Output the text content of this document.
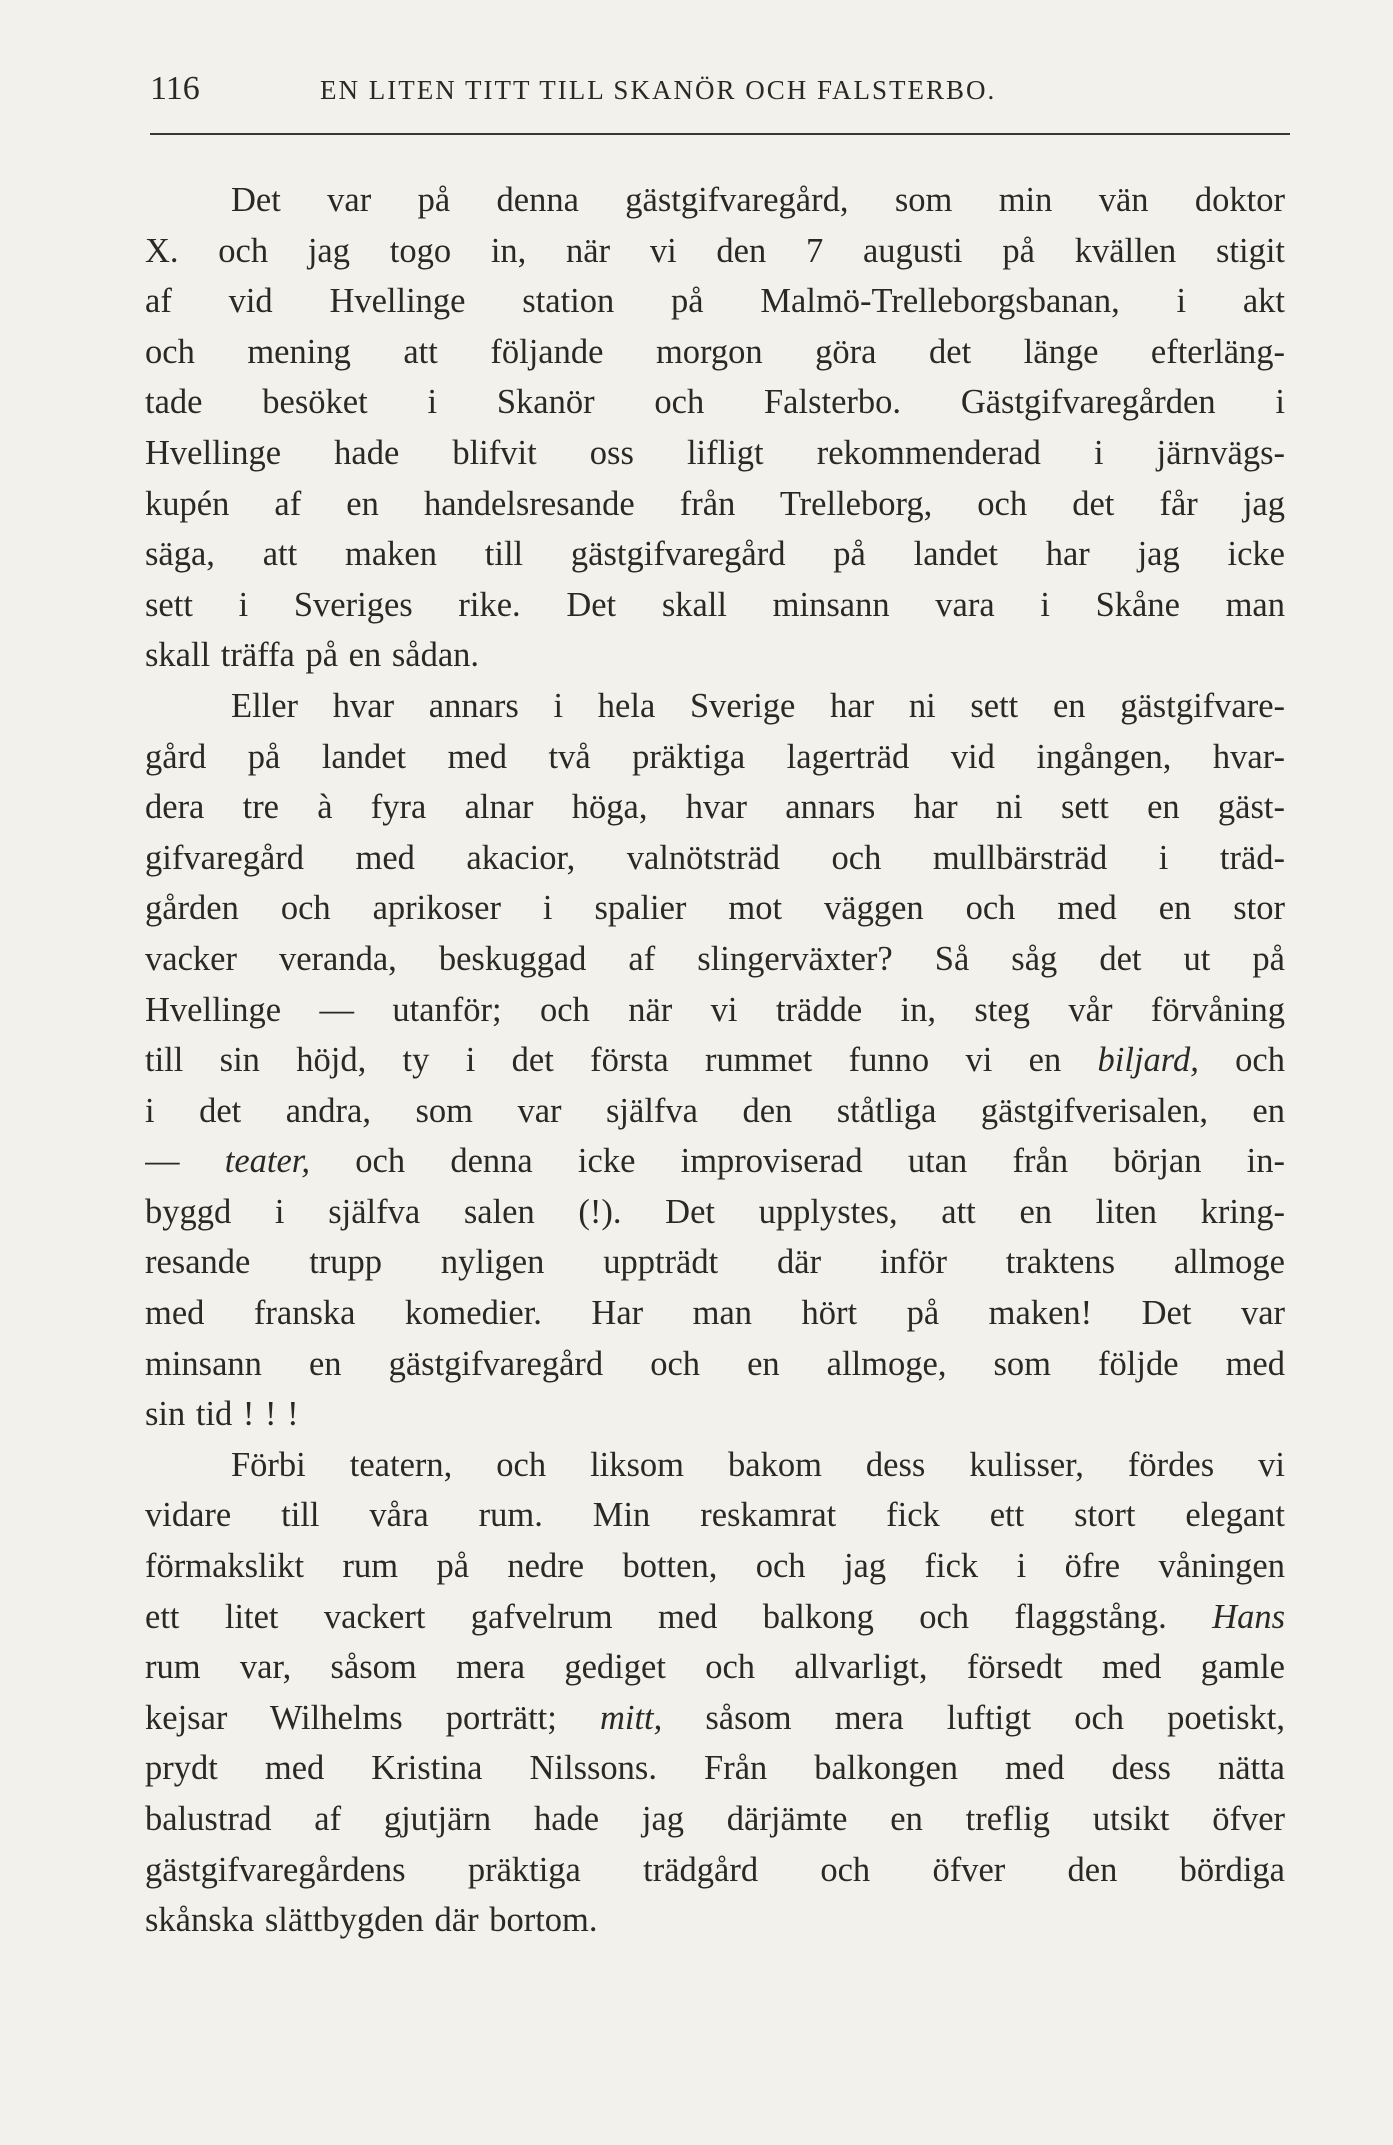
116	EN LITEN TITT TILL SKANÖR OCH FALSTERBO.
Det var på denna gästgifvaregård, som min vän doktor
X. och jag togo in, när vi den 7 augusti på kvällen stigit
af vid Hvellinge station på Malmö-Trelleborgsbanan, i akt
och mening att följande morgon göra det länge efterläng-
tade besöket i Skanör och Falsterbo. Gästgifvaregården i
Hvellinge hade blifvit oss lifligt rekommenderad i järnvägs-
kupén af en handelsresande från Trelleborg, och det får jag
säga, att maken till gästgifvaregård på landet har jag icke
sett i Sveriges rike. Det skall minsann vara i Skåne man
skall träffa på en sådan.
Eller hvar annars i hela Sverige har ni sett en gästgifvare-
gård på landet med två präktiga lagerträd vid ingången, hvar-
dera tre à fyra alnar höga, hvar annars har ni sett en gäst-
gifvaregård med akacior, valnötsträd och mullbärsträd i träd-
gården och aprikoser i spalier mot väggen och med en stor
vacker veranda, beskuggad af slingerväxter? Så såg det ut på
Hvellinge — utanför; och när vi trädde in, steg vår förvåning
till sin höjd, ty i det första rummet funno vi en biljard, och
i det andra, som var själfva den ståtliga gästgifverisalen, en
— teater, och denna icke improviserad utan från början in-
byggd i själfva salen (!). Det upplystes, att en liten kring-
resande trupp nyligen uppträdt där inför traktens allmoge
med franska komedier. Har man hört på maken! Det var
minsann en gästgifvaregård och en allmoge, som följde med
sin tid ! ! !
Förbi teatern, och liksom bakom dess kulisser, fördes vi
vidare till våra rum. Min reskamrat fick ett stort elegant
förmakslikt rum på nedre botten, och jag fick i öfre våningen
ett litet vackert gafvelrum med balkong och flaggstång. Hans
rum var, såsom mera gediget och allvarligt, försedt med gamle
kejsar Wilhelms porträtt; mitt, såsom mera luftigt och poetiskt,
prydt med Kristina Nilssons. Från balkongen med dess nätta
balustrad af gjutjärn hade jag därjämte en treflig utsikt öfver
gästgifvaregårdens präktiga trädgård och öfver den bördiga
skånska slättbygden där bortom.
